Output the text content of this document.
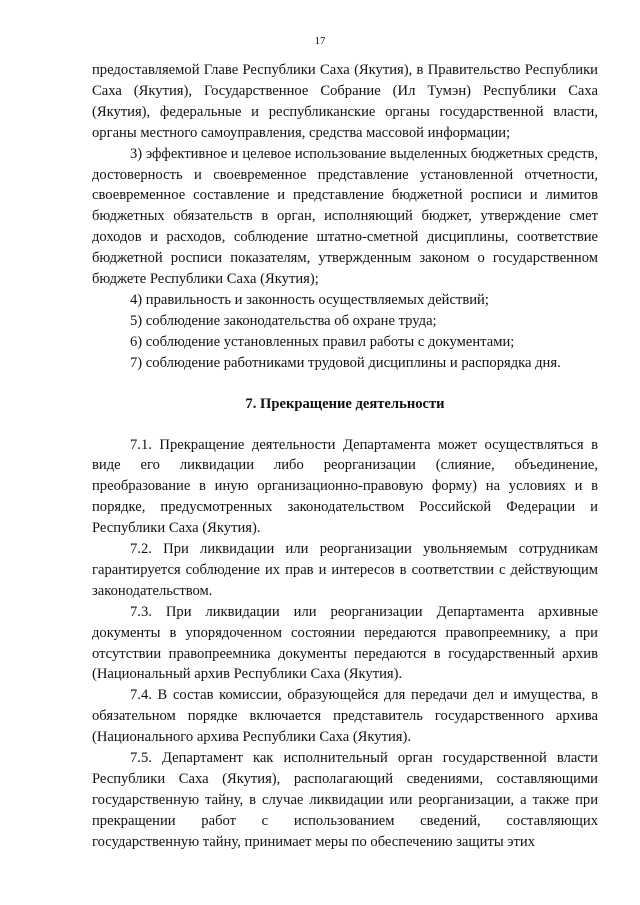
17

предоставляемой Главе Республики Саха (Якутия), в Правительство Республики Саха (Якутия), Государственное Собрание (Ил Тумэн) Республики Саха (Якутия), федеральные и республиканские органы государственной власти, органы местного самоуправления, средства массовой информации;

3) эффективное и целевое использование выделенных бюджетных средств, достоверность и своевременное представление установленной отчетности, своевременное составление и представление бюджетной росписи и лимитов бюджетных обязательств в орган, исполняющий бюджет, утверждение смет доходов и расходов, соблюдение штатно-сметной дисциплины, соответствие бюджетной росписи показателям, утвержденным законом о государственном бюджете Республики Саха (Якутия);

4) правильность и законность осуществляемых действий;

5) соблюдение законодательства об охране труда;

6) соблюдение установленных правил работы с документами;

7) соблюдение работниками трудовой дисциплины и распорядка дня.

7. Прекращение деятельности

7.1. Прекращение деятельности Департамента может осуществляться в виде его ликвидации либо реорганизации (слияние, объединение, преобразование в иную организационно-правовую форму) на условиях и в порядке, предусмотренных законодательством Российской Федерации и Республики Саха (Якутия).

7.2. При ликвидации или реорганизации увольняемым сотрудникам гарантируется соблюдение их прав и интересов в соответствии с действующим законодательством.

7.3. При ликвидации или реорганизации Департамента архивные документы в упорядоченном состоянии передаются правопреемнику, а при отсутствии правопреемника документы передаются в государственный архив (Национальный архив Республики Саха (Якутия).

7.4. В состав комиссии, образующейся для передачи дел и имущества, в обязательном порядке включается представитель государственного архива (Национального архива Республики Саха (Якутия).

7.5. Департамент как исполнительный орган государственной власти Республики Саха (Якутия), располагающий сведениями, составляющими государственную тайну, в случае ликвидации или реорганизации, а также при прекращении работ с использованием сведений, составляющих государственную тайну, принимает меры по обеспечению защиты этих
